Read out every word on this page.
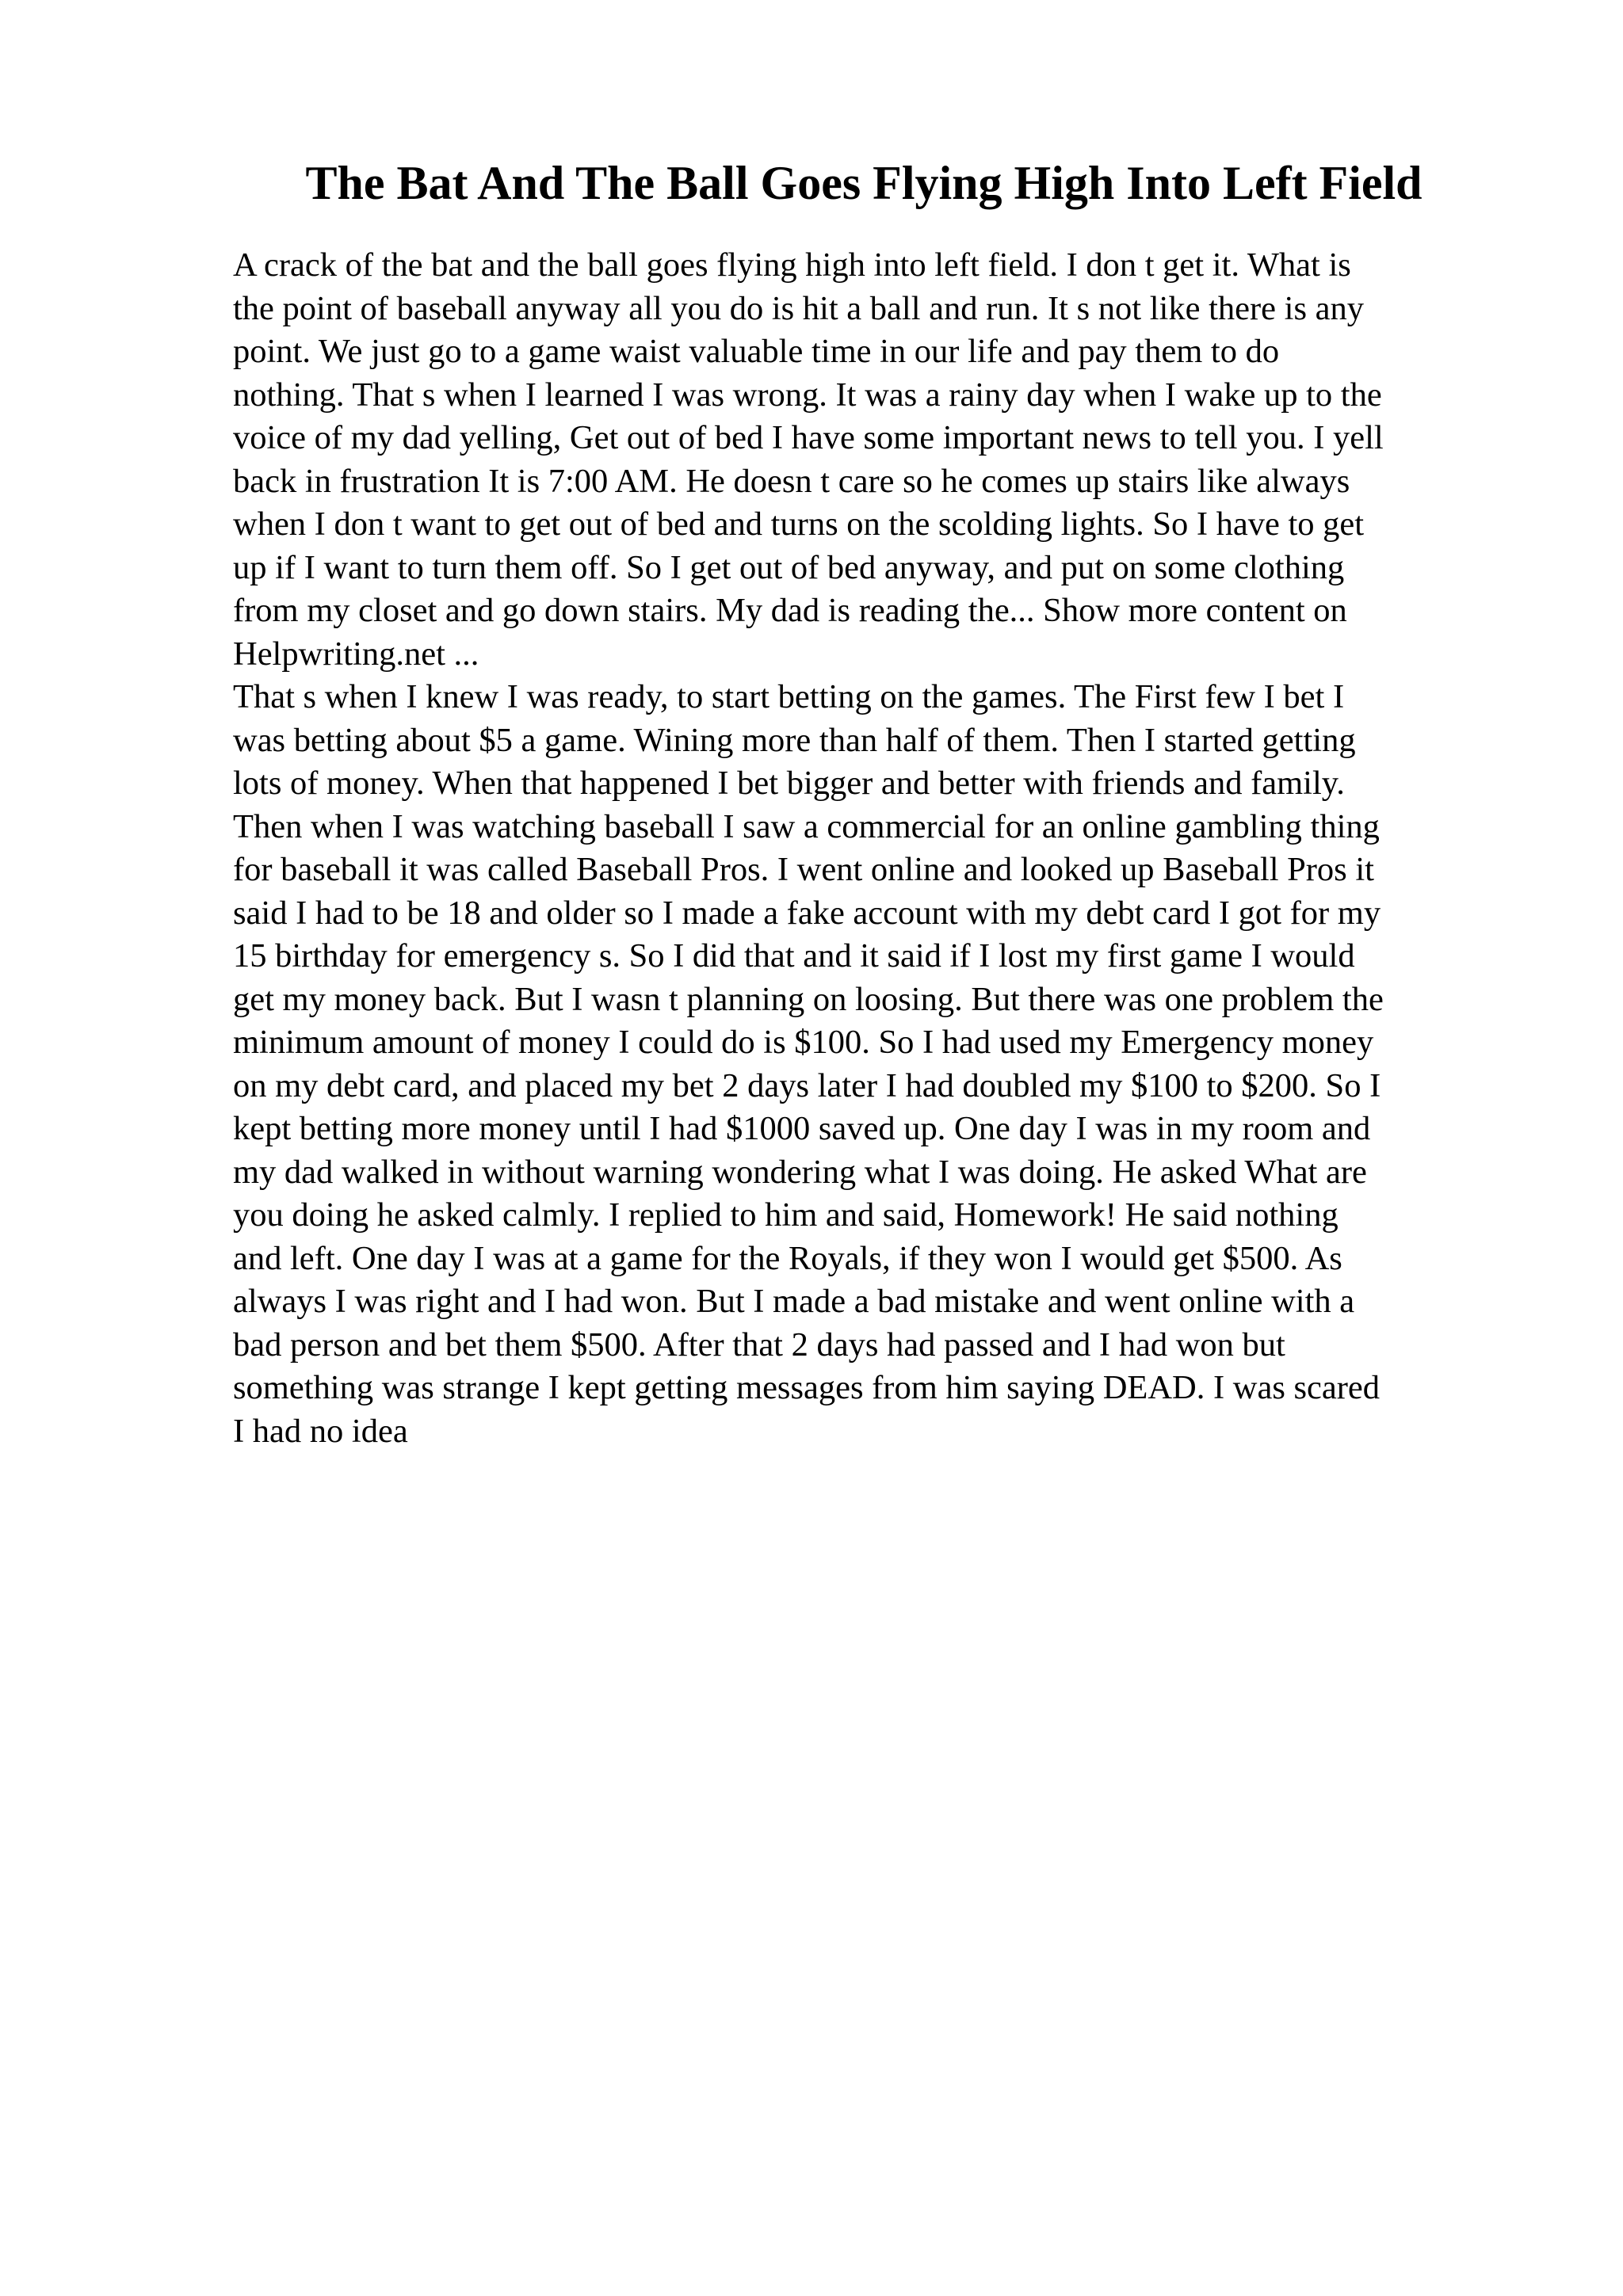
The Bat And The Ball Goes Flying High Into Left Field
A crack of the bat and the ball goes flying high into left field. I don t get it. What is
the point of baseball anyway all you do is hit a ball and run. It s not like there is any
point. We just go to a game waist valuable time in our life and pay them to do
nothing. That s when I learned I was wrong. It was a rainy day when I wake up to the
voice of my dad yelling, Get out of bed I have some important news to tell you. I yell
back in frustration It is 7:00 AM. He doesn t care so he comes up stairs like always
when I don t want to get out of bed and turns on the scolding lights. So I have to get
up if I want to turn them off. So I get out of bed anyway, and put on some clothing
from my closet and go down stairs. My dad is reading the... Show more content on
Helpwriting.net ...
That s when I knew I was ready, to start betting on the games. The First few I bet I
was betting about $5 a game. Wining more than half of them. Then I started getting
lots of money. When that happened I bet bigger and better with friends and family.
Then when I was watching baseball I saw a commercial for an online gambling thing
for baseball it was called Baseball Pros. I went online and looked up Baseball Pros it
said I had to be 18 and older so I made a fake account with my debt card I got for my
15 birthday for emergency s. So I did that and it said if I lost my first game I would
get my money back. But I wasn t planning on loosing. But there was one problem the
minimum amount of money I could do is $100. So I had used my Emergency money
on my debt card, and placed my bet 2 days later I had doubled my $100 to $200. So I
kept betting more money until I had $1000 saved up. One day I was in my room and
my dad walked in without warning wondering what I was doing. He asked What are
you doing he asked calmly. I replied to him and said, Homework! He said nothing
and left. One day I was at a game for the Royals, if they won I would get $500. As
always I was right and I had won. But I made a bad mistake and went online with a
bad person and bet them $500. After that 2 days had passed and I had won but
something was strange I kept getting messages from him saying DEAD. I was scared
I had no idea
